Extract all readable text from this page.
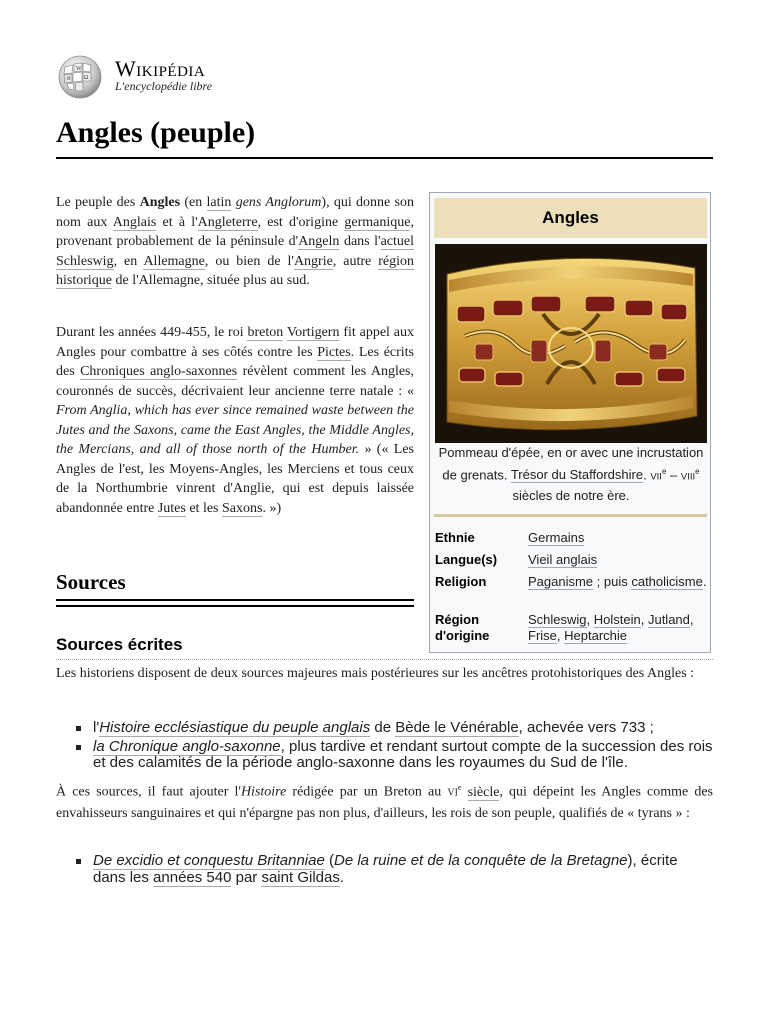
W
Ω
И Wikipédia
L'encyclopédie libre
Angles (peuple)

Le peuple des Angles (en latin gens Anglorum), qui donne son nom aux Anglais et à l'Angleterre, est d'origine germanique, provenant probablement de la péninsule d'Angeln dans l'actuel Schleswig, en Allemagne, ou bien de l'Angrie, autre région historique de l'Allemagne, située plus au sud.

Durant les années 449-455, le roi breton Vortigern fit appel aux Angles pour combattre à ses côtés contre les Pictes. Les écrits des Chroniques anglo-saxonnes révèlent comment les Angles, couronnés de succès, décrivaient leur ancienne terre natale : « From Anglia, which has ever since remained waste between the Jutes and the Saxons, came the East Angles, the Middle Angles, the Mercians, and all of those north of the Humber. » (« Les Angles de l'est, les Moyens-Angles, les Merciens et tous ceux de la Northumbrie vinrent d'Anglie, qui est depuis laissée abandonnée entre Jutes et les Saxons. »)

Sources
Sources écrites

Les historiens disposent de deux sources majeures mais postérieures sur les ancêtres protohistoriques des Angles :

l'Histoire ecclésiastique du peuple anglais de Bède le Vénérable, achevée vers 733 ;
la Chronique anglo-saxonne, plus tardive et rendant surtout compte de la succession des rois et des calamités de la période anglo-saxonne dans les royaumes du Sud de l'île.

À ces sources, il faut ajouter l'Histoire rédigée par un Breton au VIe siècle, qui dépeint les Angles comme des envahisseurs sanguinaires et qui n'épargne pas non plus, d'ailleurs, les rois de son peuple, qualifiés de « tyrans » :

De excidio et conquestu Britanniae (De la ruine et de la conquête de la Bretagne), écrite dans les années 540 par saint Gildas.
Angles
Pommeau d'épée, en or avec une incrustation de grenats. Trésor du Staffordshire. VIIe – VIIIe siècles de notre ère.
Ethnie	Germains
Langue(s)	Vieil anglais
Religion	Paganisme ; puis catholicisme.
Région d'origine
Schleswig, Holstein, Jutland, Frise, Heptarchie
